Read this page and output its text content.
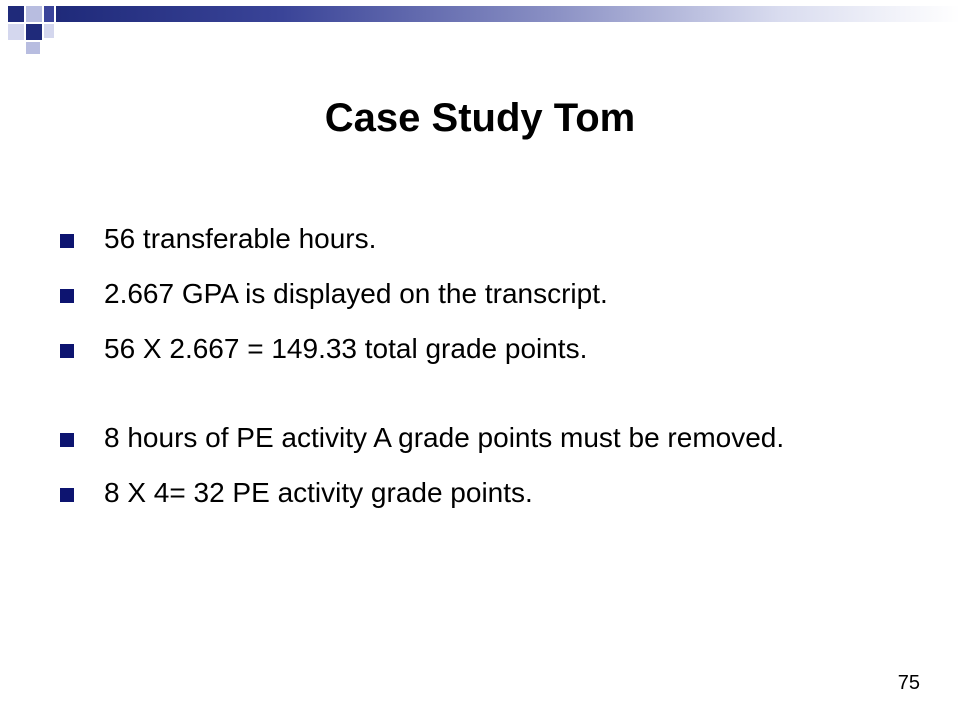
Case Study Tom
56 transferable hours.
2.667 GPA is displayed on the transcript.
56 X 2.667 = 149.33 total grade points.
8 hours of PE activity A grade points must be removed.
8 X 4= 32 PE activity grade points.
75
